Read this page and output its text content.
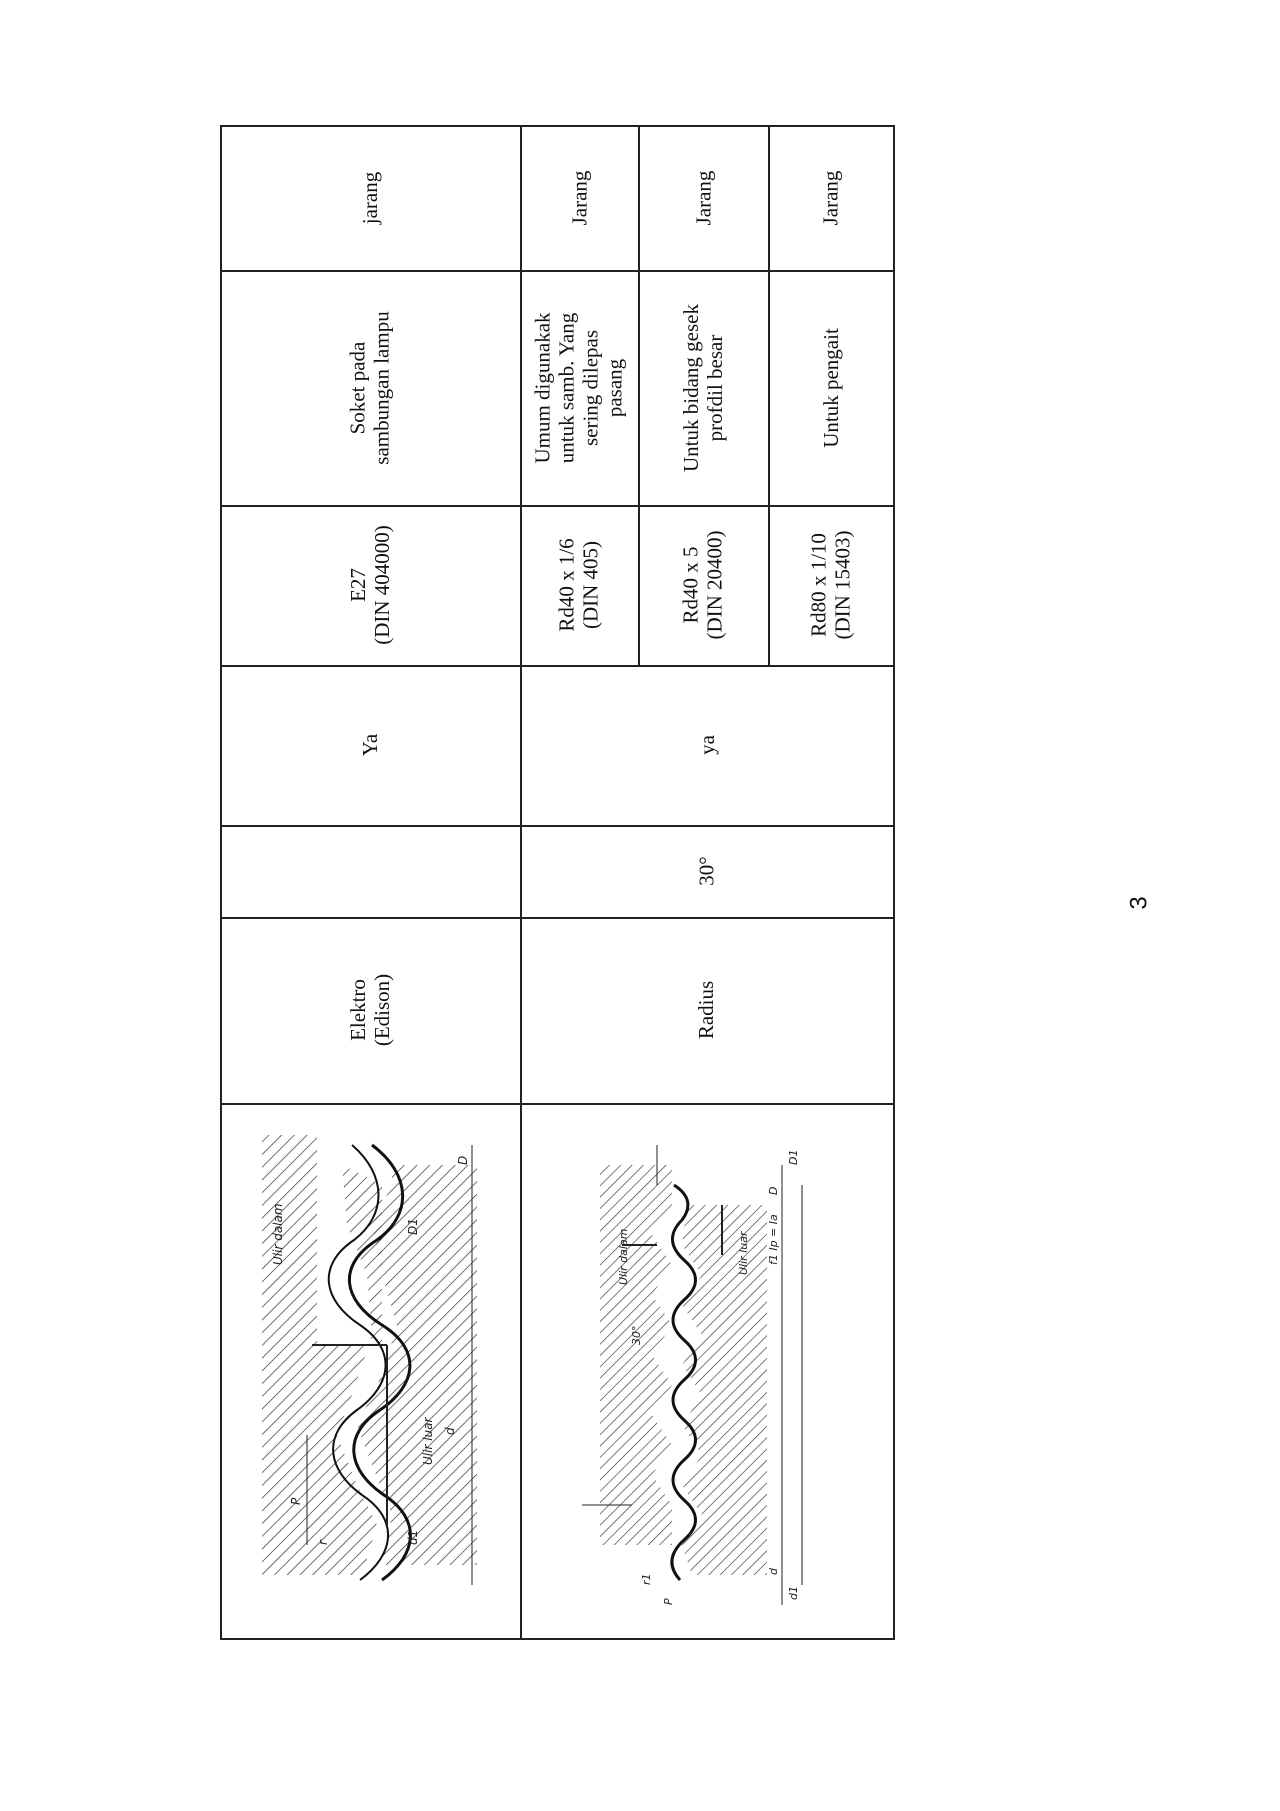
jarang
Soket pada sambungan lampu
E27 (DIN 404000)
Ya
Elektro (Edison)
Ulir dalam
Ulir luar
D
D1
d
d1
P
r
Jarang
Umum digunakak untuk samb. Yang sering dilepas pasang
Rd40 x 1/6 (DIN 405)
Jarang
Untuk bidang gesek profdil besar
Rd40 x 5 (DIN 20400)
Jarang
Untuk pengait
Rd80 x 1/10 (DIN 15403)
ya
30°
Radius
Ulir dalam	Ulir luar
30°
D
D1
d
d1
r1
P
f1 Ip = Ia
3
